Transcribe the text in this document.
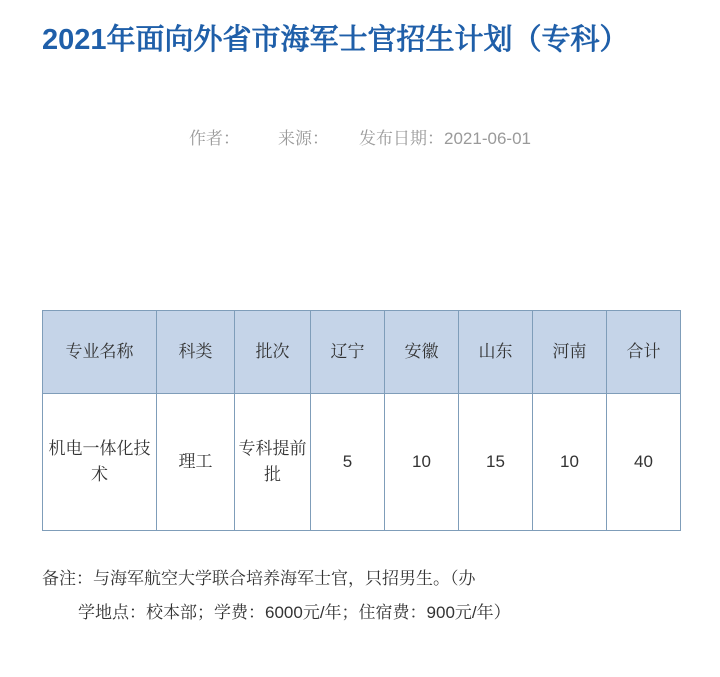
2021年面向外省市海军士官招生计划（专科）
作者： 来源： 发布日期：2021-06-01
专业名称	科类	批次	辽宁	安徽	山东	河南	合计
机电一体化技术	理工	专科提前批	5	10	15	10	40
备注：与海军航空大学联合培养海军士官，只招男生。（办
学地点：校本部；学费：6000元/年；住宿费：900元/年）
